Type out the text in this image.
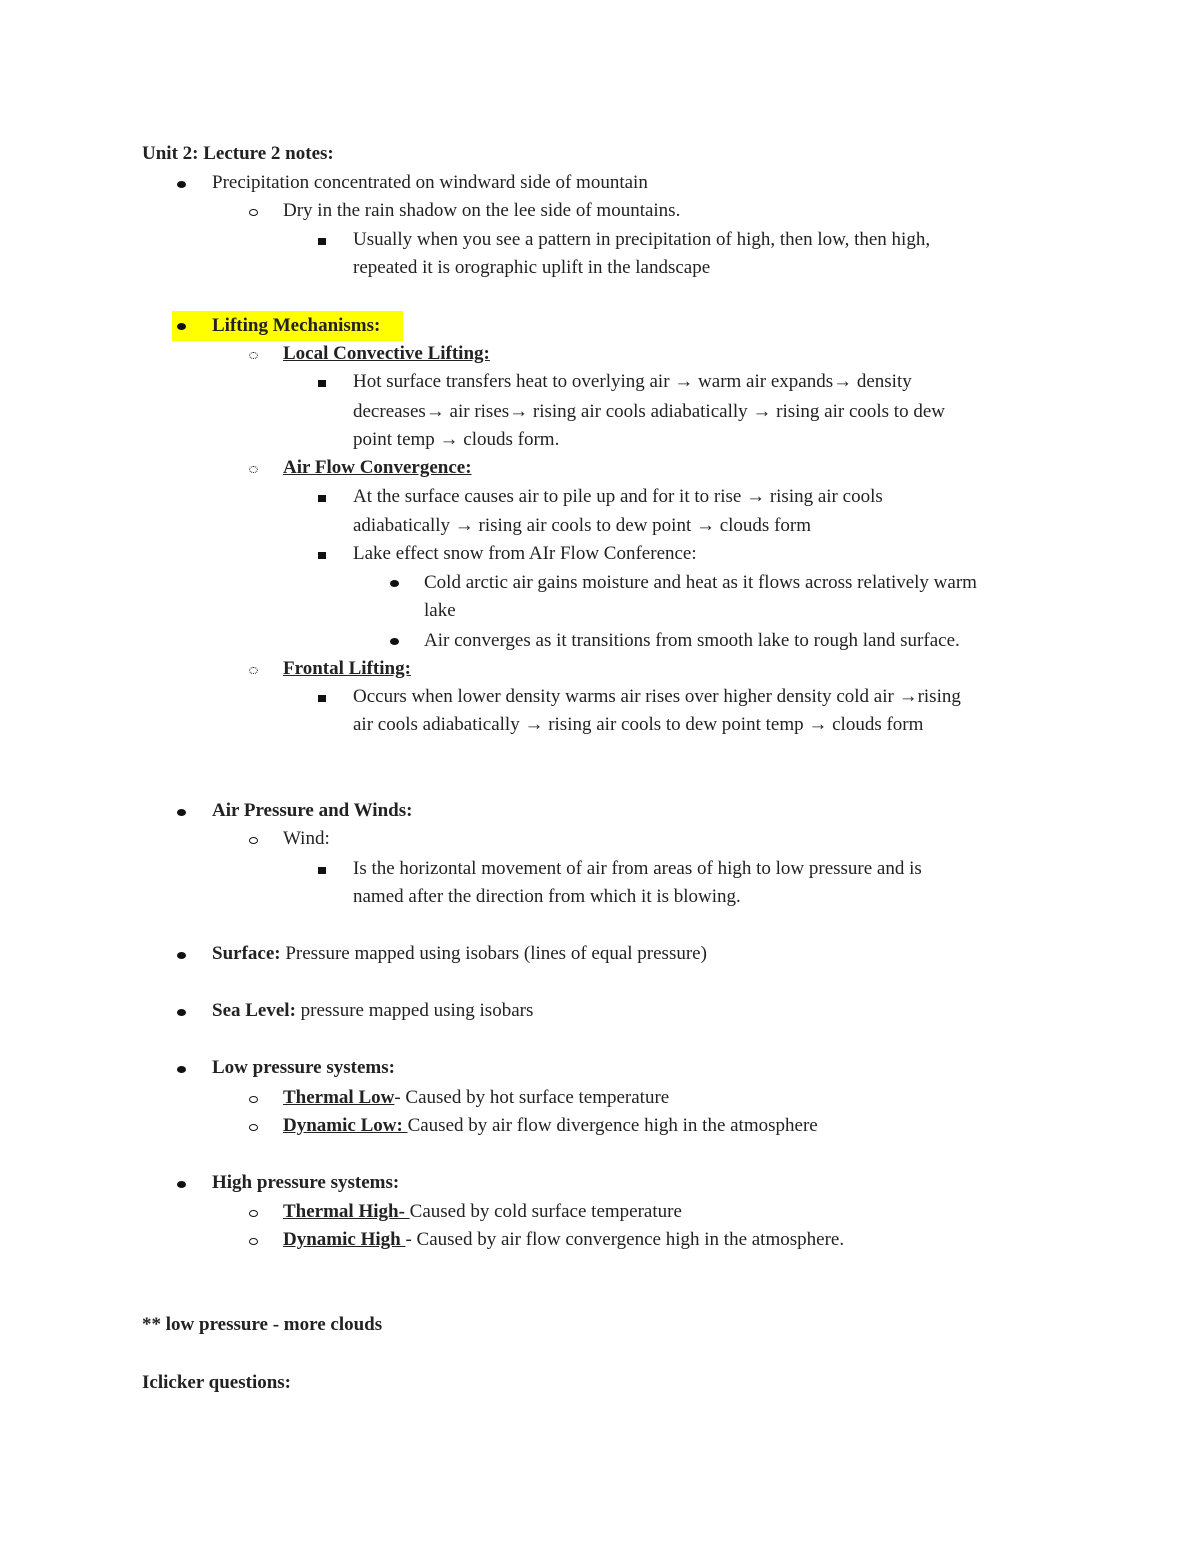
Unit 2: Lecture 2 notes:
Precipitation concentrated on windward side of mountain
Dry in the rain shadow on the lee side of mountains.
Usually when you see a pattern in precipitation of high, then low, then high,
repeated it is orographic uplift in the landscape
Lifting Mechanisms:
Local Convective Lifting:
Hot surface transfers heat to overlying air → warm air expands→ density
decreases→ air rises→ rising air cools adiabatically → rising air cools to dew
point temp → clouds form.
Air Flow Convergence:
At the surface causes air to pile up and for it to rise → rising air cools
adiabatically → rising air cools to dew point → clouds form
Lake effect snow from AIr Flow Conference:
Cold arctic air gains moisture and heat as it flows across relatively warm
lake
Air converges as it transitions from smooth lake to rough land surface.
Frontal Lifting:
Occurs when lower density warms air rises over higher density cold air →rising
air cools adiabatically → rising air cools to dew point temp → clouds form
Air Pressure and Winds:
Wind:
Is the horizontal movement of air from areas of high to low pressure and is
named after the direction from which it is blowing.
Surface: Pressure mapped using isobars (lines of equal pressure)
Sea Level: pressure mapped using isobars
Low pressure systems:
Thermal Low- Caused by hot surface temperature
Dynamic Low: Caused by air flow divergence high in the atmosphere
High pressure systems:
Thermal High- Caused by cold surface temperature
Dynamic High - Caused by air flow convergence high in the atmosphere.
** low pressure - more clouds
Iclicker questions:
